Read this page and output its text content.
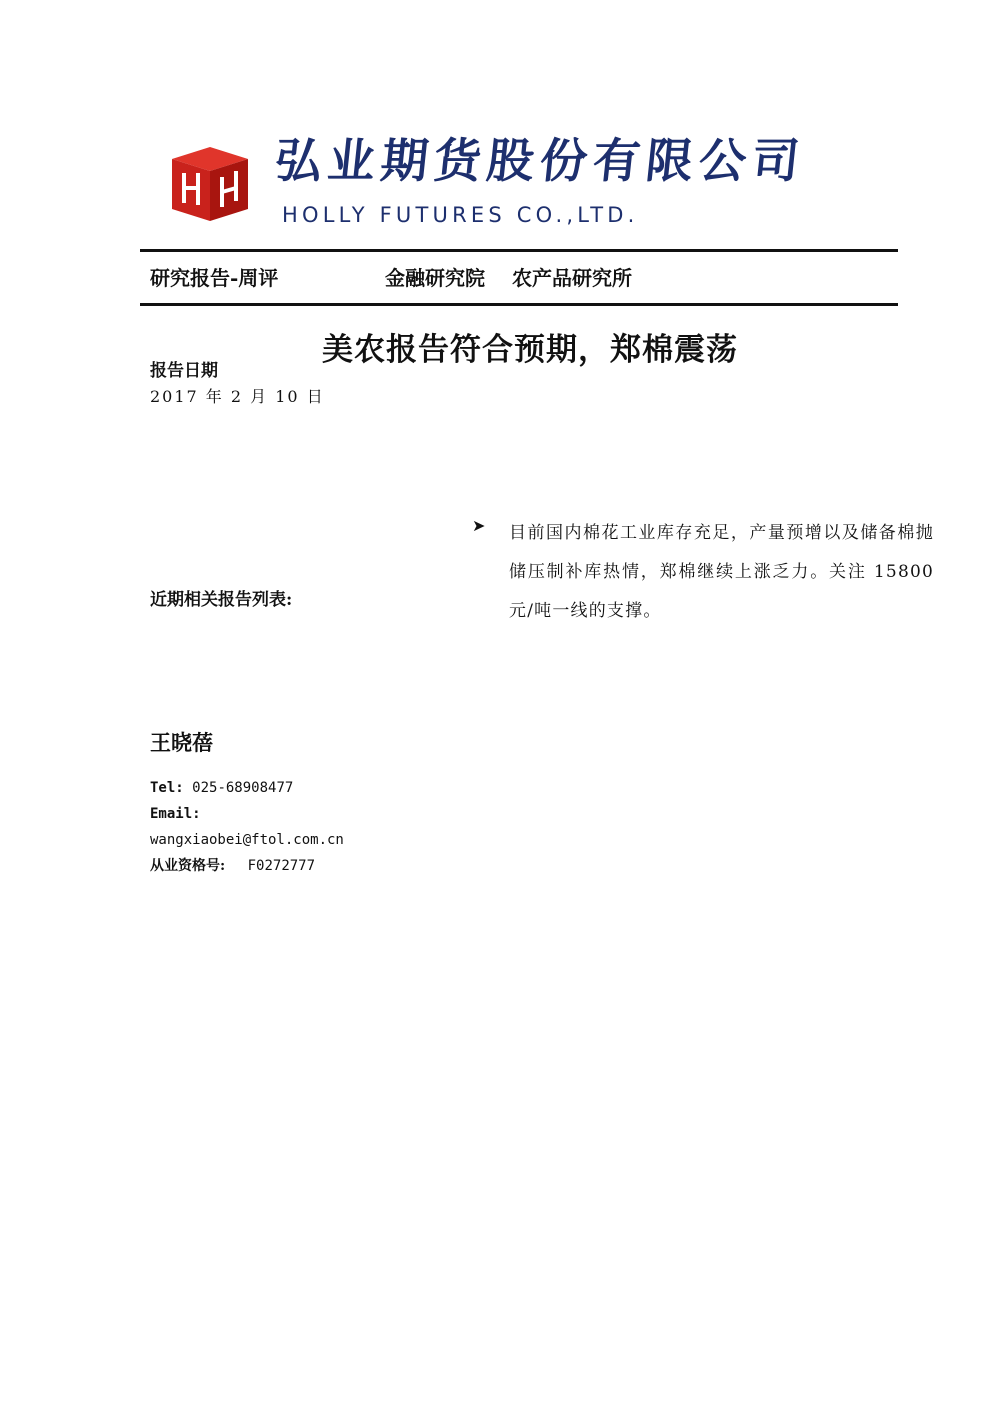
弘业期货股份有限公司
HOLLY FUTURES CO.,LTD.
研究报告-周评	金融研究院　 农产品研究所
美农报告符合预期，郑棉震荡
报告日期
2017 年 2 月 10 日
➤ 目前国内棉花工业库存充足，产量预增以及储备棉抛储压制补库热情，郑棉继续上涨乏力。关注 15800 元/吨一线的支撑。
近期相关报告列表:
王晓蓓
Tel: 025-68908477
Email:
wangxiaobei@ftol.com.cn
从业资格号: F0272777
